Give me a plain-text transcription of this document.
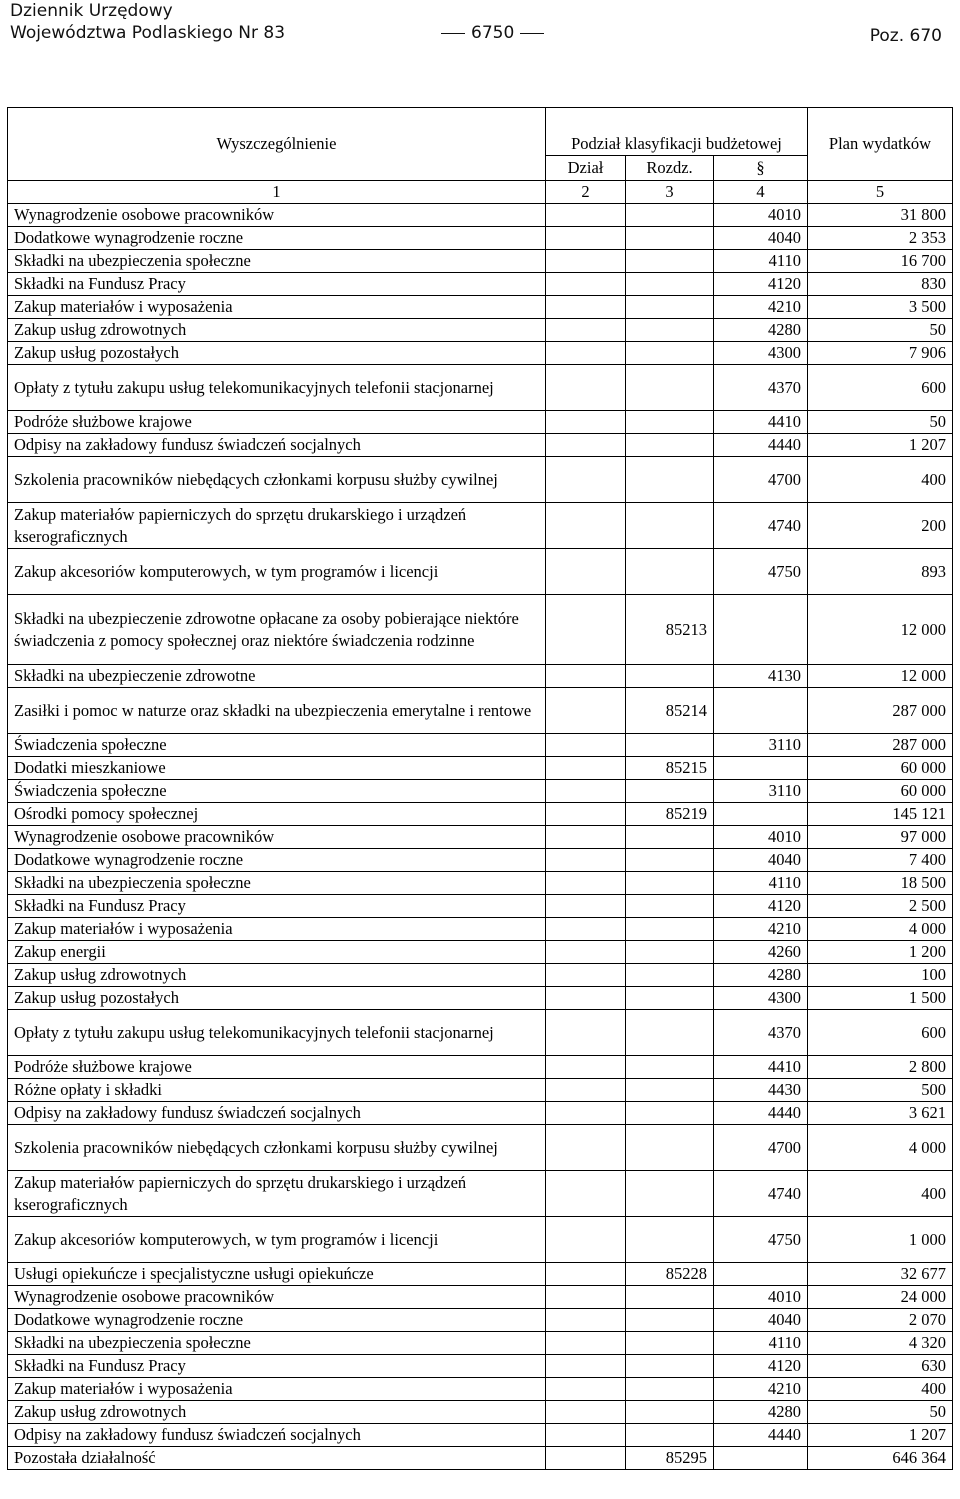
Dziennik Urzędowy
Województwa Podlaskiego Nr 83	6750	Poz. 670
Wyszczególnienie	Podział klasyfikacji budżetowej			Plan wydatków
	Dział	Rozdz.	§	
1	2	3	4	5
Wynagrodzenie osobowe pracowników			4010	31 800
Dodatkowe wynagrodzenie roczne			4040	2 353
Składki na ubezpieczenia społeczne			4110	16 700
Składki na Fundusz Pracy			4120	830
Zakup materiałów i wyposażenia			4210	3 500
Zakup usług zdrowotnych			4280	50
Zakup usług pozostałych			4300	7 906
Opłaty z tytułu zakupu usług telekomunikacyjnych telefonii stacjonarnej			4370	600
Podróże służbowe krajowe			4410	50
Odpisy na zakładowy fundusz świadczeń socjalnych			4440	1 207
Szkolenia pracowników niebędących członkami korpusu służby cywilnej			4700	400
Zakup materiałów papierniczych do sprzętu drukarskiego i urządzeń kserograficznych			4740	200
Zakup akcesoriów komputerowych, w tym programów i licencji			4750	893
Składki na ubezpieczenie zdrowotne opłacane za osoby pobierające niektóre świadczenia z pomocy społecznej oraz niektóre świadczenia rodzinne		85213		12 000
Składki na ubezpieczenie zdrowotne			4130	12 000
Zasiłki i pomoc w naturze oraz składki na ubezpieczenia emerytalne i rentowe		85214		287 000
Świadczenia społeczne			3110	287 000
Dodatki mieszkaniowe		85215		60 000
Świadczenia społeczne			3110	60 000
Ośrodki pomocy społecznej		85219		145 121
Wynagrodzenie osobowe pracowników			4010	97 000
Dodatkowe wynagrodzenie roczne			4040	7 400
Składki na ubezpieczenia społeczne			4110	18 500
Składki na Fundusz Pracy			4120	2 500
Zakup materiałów i wyposażenia			4210	4 000
Zakup energii			4260	1 200
Zakup usług zdrowotnych			4280	100
Zakup usług pozostałych			4300	1 500
Opłaty z tytułu zakupu usług telekomunikacyjnych telefonii stacjonarnej			4370	600
Podróże służbowe krajowe			4410	2 800
Różne opłaty i składki			4430	500
Odpisy na zakładowy fundusz świadczeń socjalnych			4440	3 621
Szkolenia pracowników niebędących członkami korpusu służby cywilnej			4700	4 000
Zakup materiałów papierniczych do sprzętu drukarskiego i urządzeń kserograficznych			4740	400
Zakup akcesoriów komputerowych, w tym programów i licencji			4750	1 000
Usługi opiekuńcze i specjalistyczne usługi opiekuńcze		85228		32 677
Wynagrodzenie osobowe pracowników			4010	24 000
Dodatkowe wynagrodzenie roczne			4040	2 070
Składki na ubezpieczenia społeczne			4110	4 320
Składki na Fundusz Pracy			4120	630
Zakup materiałów i wyposażenia			4210	400
Zakup usług zdrowotnych			4280	50
Odpisy na zakładowy fundusz świadczeń socjalnych			4440	1 207
Pozostała działalność		85295		646 364
